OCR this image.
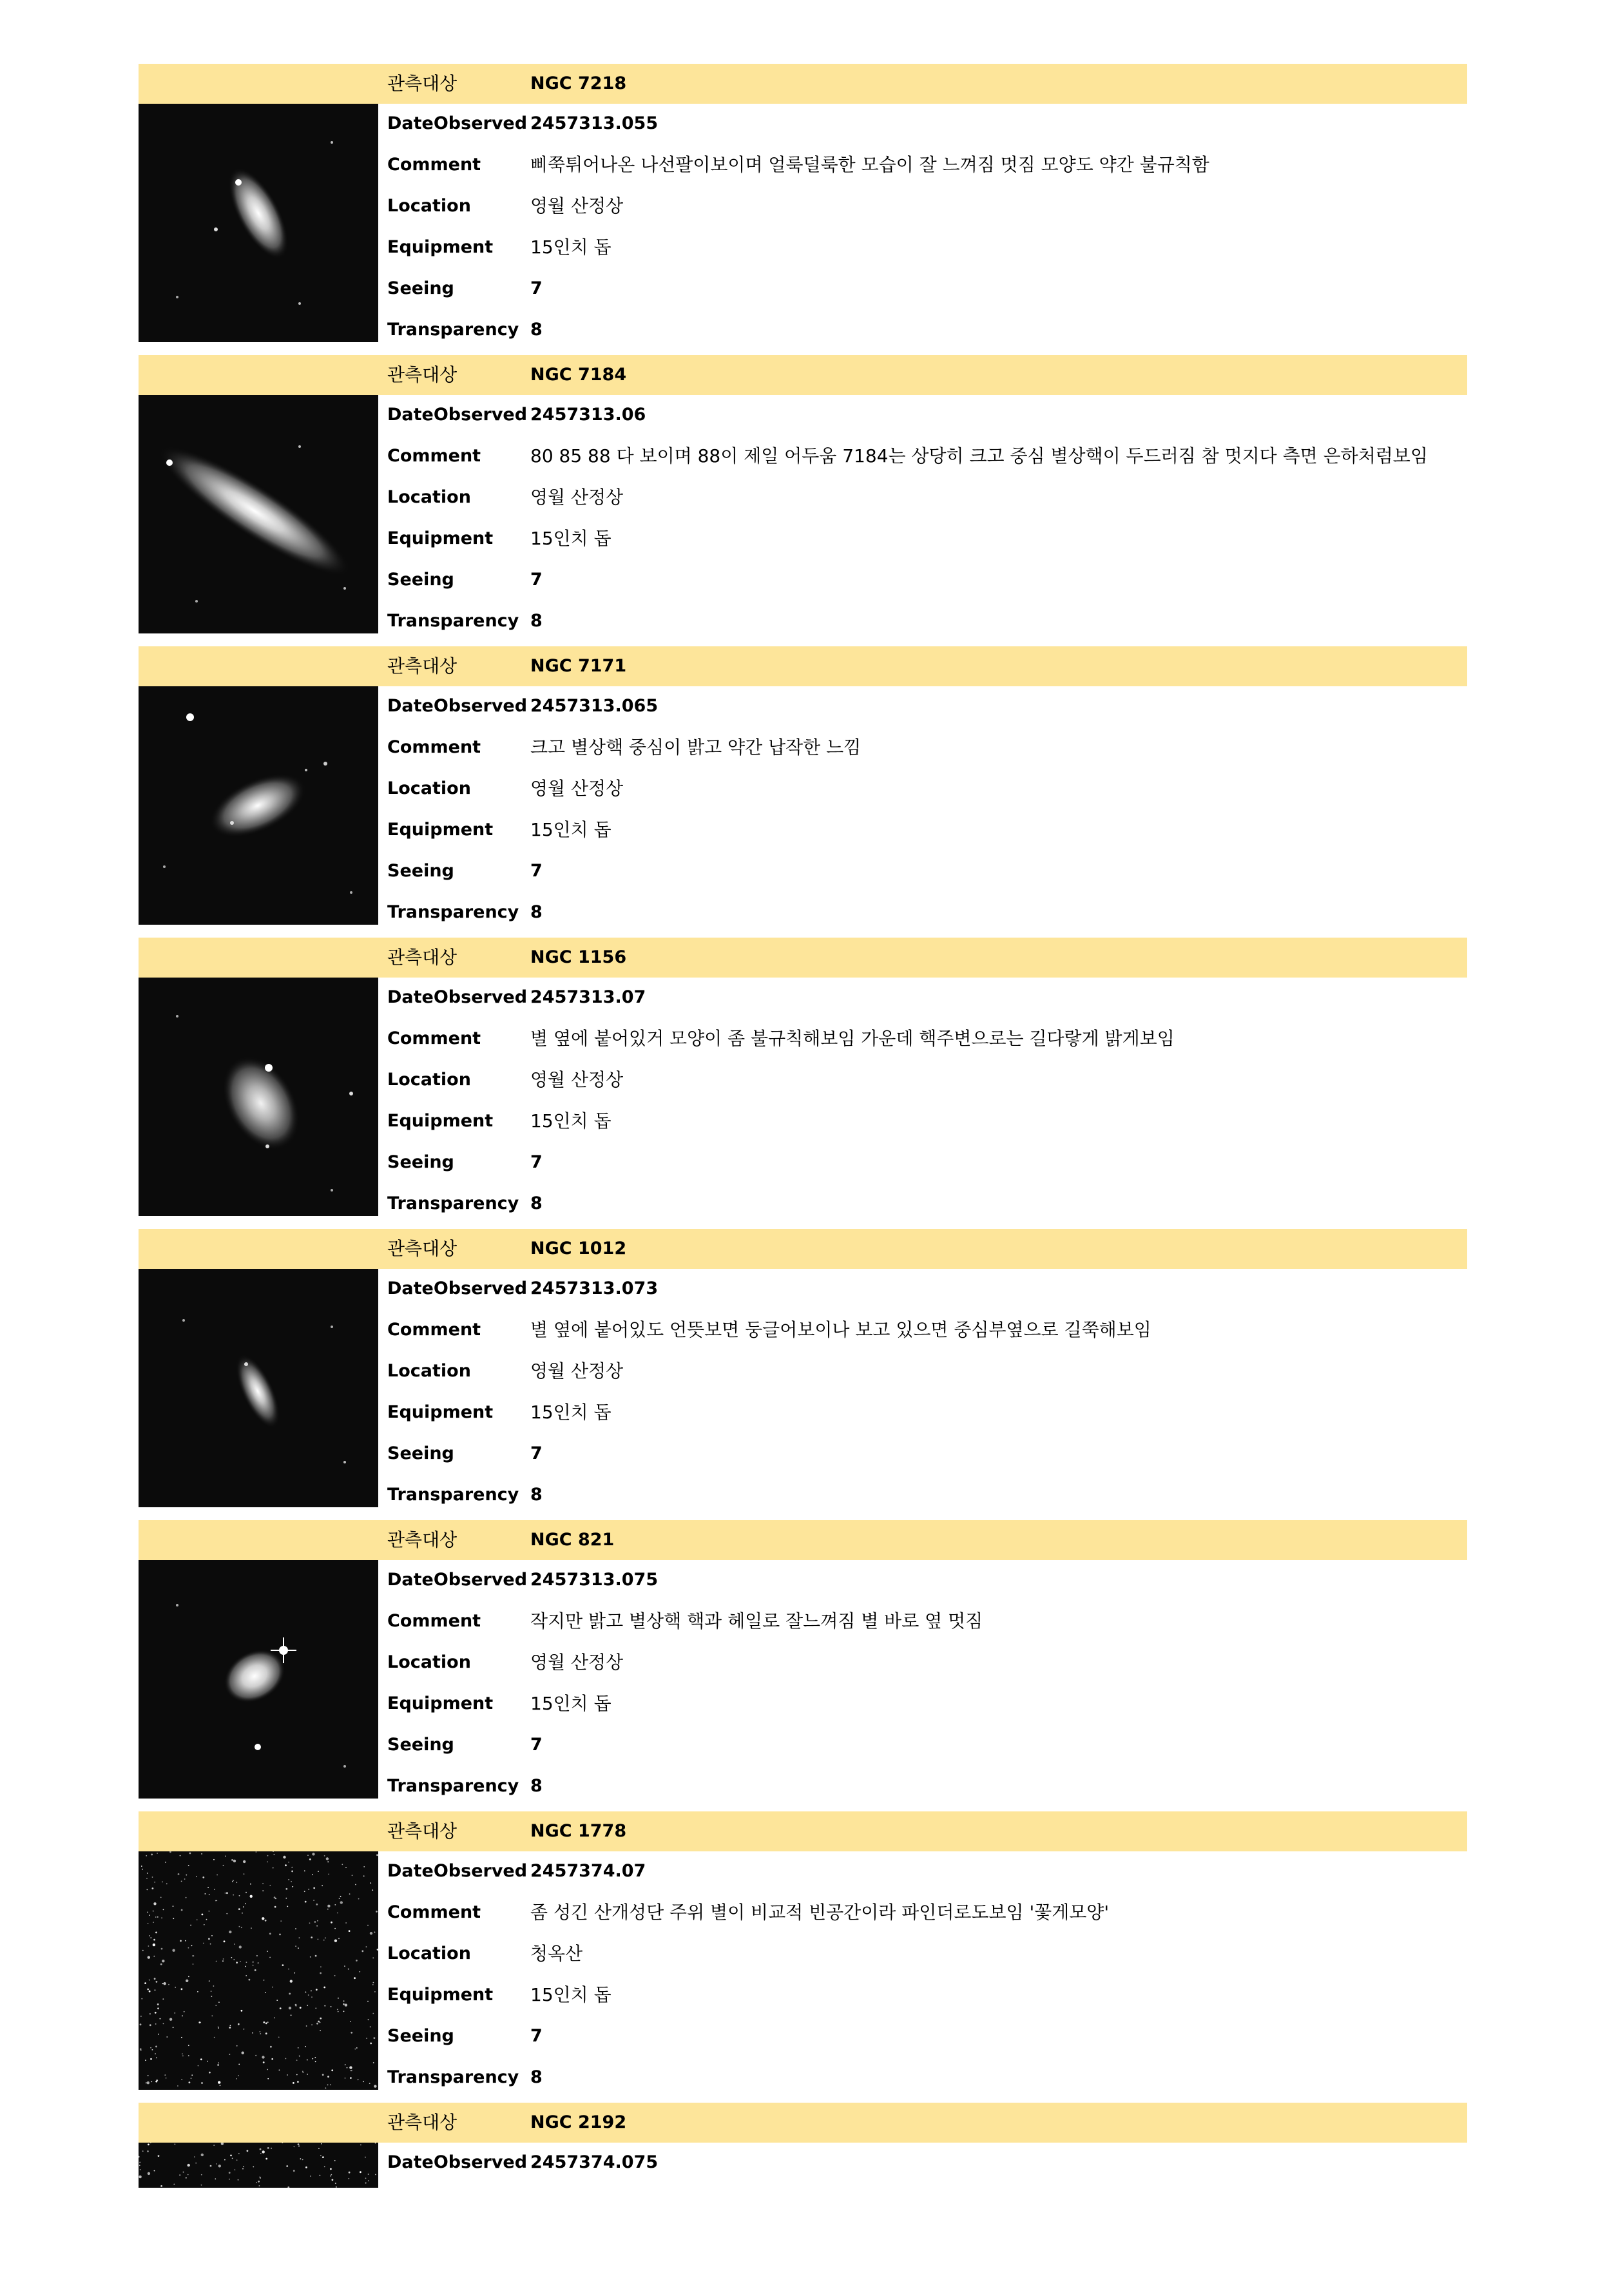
관측대상	NGC 7218
DateObserved 2457313.055
Comment	삐쭉튀어나온 나선팔이보이며 얼룩덜룩한 모습이 잘 느껴짐 멋짐 모양도 약간 불규칙함
Location	영월 산정상
Equipment 15인치 돕
Seeing	7
Transparency 8
관측대상	NGC 7184
DateObserved 2457313.06
Comment	80 85 88 다 보이며 88이 제일 어두움 7184는 상당히 크고 중심 별상핵이 두드러짐 참 멋지다 측면 은하처럼보임
Location	영월 산정상
Equipment 15인치 돕
Seeing	7
Transparency 8
관측대상	NGC 7171
DateObserved 2457313.065
Comment	크고 별상핵 중심이 밝고 약간 납작한 느낌
Location	영월 산정상
Equipment 15인치 돕
Seeing	7
Transparency 8
관측대상	NGC 1156
DateObserved 2457313.07
Comment	별 옆에 붙어있거 모양이 좀 불규칙해보임 가운데 핵주변으로는 길다랗게 밝게보임
Location	영월 산정상
Equipment 15인치 돕
Seeing	7
Transparency 8
관측대상	NGC 1012
DateObserved 2457313.073
Comment	별 옆에 붙어있도 언뜻보면 둥글어보이나 보고 있으면 중심부옆으로 길쭉해보임
Location	영월 산정상
Equipment 15인치 돕
Seeing	7
Transparency 8
관측대상	NGC 821
DateObserved 2457313.075
Comment	작지만 밝고 별상핵 핵과 헤일로 잘느껴짐 별 바로 옆 멋짐
Location	영월 산정상
Equipment 15인치 돕
Seeing	7
Transparency 8
관측대상	NGC 1778
DateObserved 2457374.07
Comment	좀 성긴 산개성단 주위 별이 비교적 빈공간이라 파인더로도보임 '꽃게모양'
Location	청옥산
Equipment 15인치 돕
Seeing	7
Transparency 8
관측대상	NGC 2192
DateObserved 2457374.075
